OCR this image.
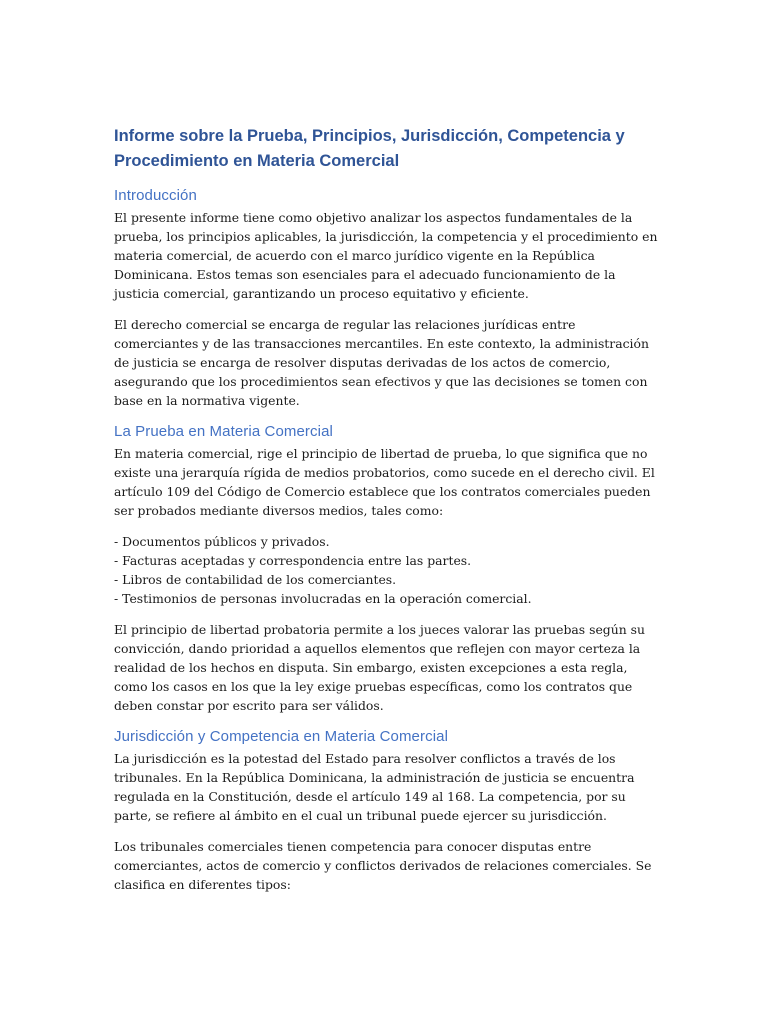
Informe sobre la Prueba, Principios, Jurisdicción, Competencia y Procedimiento en Materia Comercial
Introducción

El presente informe tiene como objetivo analizar los aspectos fundamentales de la prueba, los principios aplicables, la jurisdicción, la competencia y el procedimiento en materia comercial, de acuerdo con el marco jurídico vigente en la República Dominicana. Estos temas son esenciales para el adecuado funcionamiento de la justicia comercial, garantizando un proceso equitativo y eficiente.

El derecho comercial se encarga de regular las relaciones jurídicas entre comerciantes y de las transacciones mercantiles. En este contexto, la administración de justicia se encarga de resolver disputas derivadas de los actos de comercio, asegurando que los procedimientos sean efectivos y que las decisiones se tomen con base en la normativa vigente.

La Prueba en Materia Comercial

En materia comercial, rige el principio de libertad de prueba, lo que significa que no existe una jerarquía rígida de medios probatorios, como sucede en el derecho civil. El artículo 109 del Código de Comercio establece que los contratos comerciales pueden ser probados mediante diversos medios, tales como:

- Documentos públicos y privados.
- Facturas aceptadas y correspondencia entre las partes.
- Libros de contabilidad de los comerciantes.
- Testimonios de personas involucradas en la operación comercial.

El principio de libertad probatoria permite a los jueces valorar las pruebas según su convicción, dando prioridad a aquellos elementos que reflejen con mayor certeza la realidad de los hechos en disputa. Sin embargo, existen excepciones a esta regla, como los casos en los que la ley exige pruebas específicas, como los contratos que deben constar por escrito para ser válidos.

Jurisdicción y Competencia en Materia Comercial

La jurisdicción es la potestad del Estado para resolver conflictos a través de los tribunales. En la República Dominicana, la administración de justicia se encuentra regulada en la Constitución, desde el artículo 149 al 168. La competencia, por su parte, se refiere al ámbito en el cual un tribunal puede ejercer su jurisdicción.

Los tribunales comerciales tienen competencia para conocer disputas entre comerciantes, actos de comercio y conflictos derivados de relaciones comerciales. Se clasifica en diferentes tipos:
